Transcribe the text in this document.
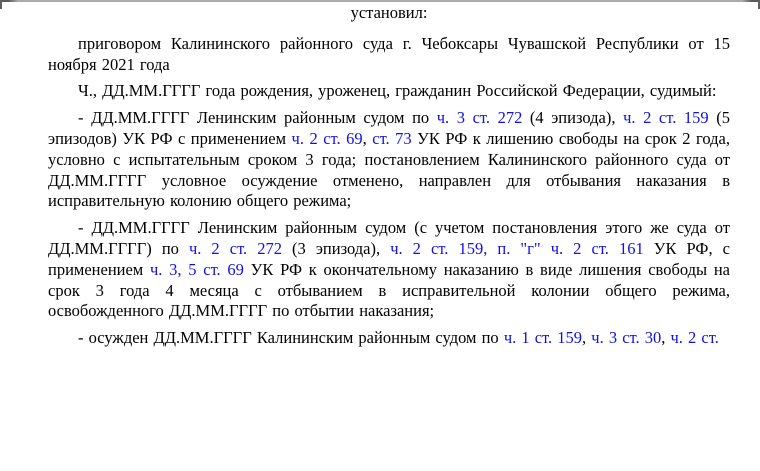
установил:

приговором Калининского районного суда г. Чебоксары Чувашской Республики от 15 ноября 2021 года

Ч., ДД.ММ.ГГГГ года рождения, уроженец, гражданин Российской Федерации, судимый:

- ДД.ММ.ГГГГ Ленинским районным судом по ч. 3 ст. 272 (4 эпизода), ч. 2 ст. 159 (5 эпизодов) УК РФ с применением ч. 2 ст. 69, ст. 73 УК РФ к лишению свободы на срок 2 года, условно с испытательным сроком 3 года; постановлением Калининского районного суда от ДД.ММ.ГГГГ условное осуждение отменено, направлен для отбывания наказания в исправительную колонию общего режима;

- ДД.ММ.ГГГГ Ленинским районным судом (с учетом постановления этого же суда от ДД.ММ.ГГГГ) по ч. 2 ст. 272 (3 эпизода), ч. 2 ст. 159, п. "г" ч. 2 ст. 161 УК РФ, с применением ч. 3, 5 ст. 69 УК РФ к окончательному наказанию в виде лишения свободы на срок 3 года 4 месяца с отбыванием в исправительной колонии общего режима, освобожденного ДД.ММ.ГГГГ по отбытии наказания;

- осужден ДД.ММ.ГГГГ Калининским районным судом по ч. 1 ст. 159, ч. 3 ст. 30, ч. 2 ст.
